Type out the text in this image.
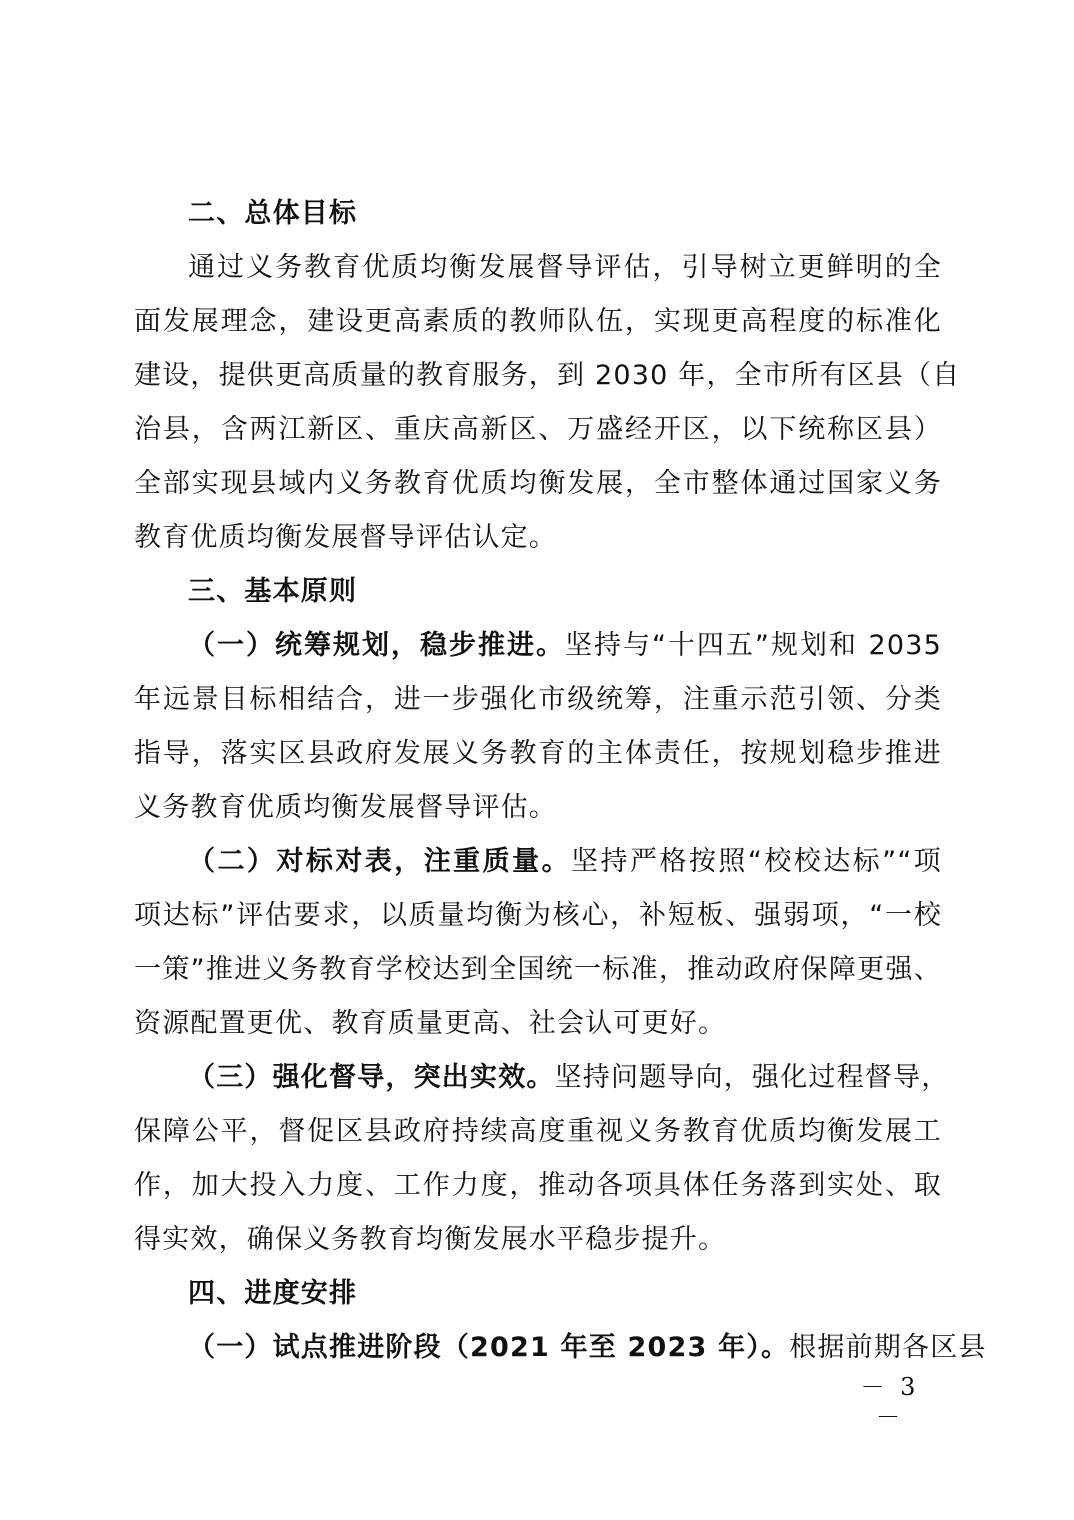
二、总体目标
通过义务教育优质均衡发展督导评估，引导树立更鲜明的全
面发展理念，建设更高素质的教师队伍，实现更高程度的标准化
建设，提供更高质量的教育服务，到 2030 年，全市所有区县（自
治县，含两江新区、重庆高新区、万盛经开区，以下统称区县）
全部实现县域内义务教育优质均衡发展，全市整体通过国家义务
教育优质均衡发展督导评估认定。
三、基本原则
（一）统筹规划，稳步推进。坚持与“十四五”规划和 2035
年远景目标相结合，进一步强化市级统筹，注重示范引领、分类
指导，落实区县政府发展义务教育的主体责任，按规划稳步推进
义务教育优质均衡发展督导评估。
（二）对标对表，注重质量。坚持严格按照“校校达标”“项
项达标”评估要求，以质量均衡为核心，补短板、强弱项，“一校
一策”推进义务教育学校达到全国统一标准，推动政府保障更强、
资源配置更优、教育质量更高、社会认可更好。
（三）强化督导，突出实效。坚持问题导向，强化过程督导，
保障公平，督促区县政府持续高度重视义务教育优质均衡发展工
作，加大投入力度、工作力度，推动各项具体任务落到实处、取
得实效，确保义务教育均衡发展水平稳步提升。
四、进度安排
（一）试点推进阶段（2021 年至 2023 年）。根据前期各区县
－ 3 －
